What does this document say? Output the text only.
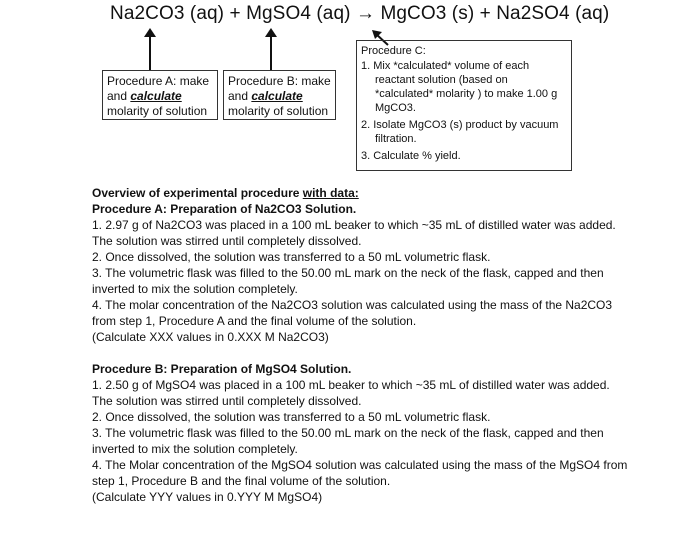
Na2CO3 (aq) + MgSO4 (aq) → MgCO3 (s) + Na2SO4 (aq)
Procedure A: make
and calculate
molarity of solution
Procedure B: make
and calculate
molarity of solution
Procedure C:
1. Mix *calculated* volume of each reactant solution (based on *calculated* molarity ) to make 1.00 g MgCO3.
2. Isolate MgCO3 (s) product by vacuum filtration.
3. Calculate % yield.

Overview of experimental procedure with data:

Procedure A: Preparation of Na2CO3 Solution.

1. 2.97 g of Na2CO3 was placed in a 100 mL beaker to which ~35 mL of distilled water was added. The solution was stirred until completely dissolved.

2. Once dissolved, the solution was transferred to a 50 mL volumetric flask.

3. The volumetric flask was filled to the 50.00 mL mark on the neck of the flask, capped and then inverted to mix the solution completely.

4. The molar concentration of the Na2CO3 solution was calculated using the mass of the Na2CO3 from step 1, Procedure A and the final volume of the solution.

(Calculate XXX values in 0.XXX M Na2CO3)

Procedure B: Preparation of MgSO4 Solution.

1. 2.50 g of MgSO4 was placed in a 100 mL beaker to which ~35 mL of distilled water was added. The solution was stirred until completely dissolved.

2. Once dissolved, the solution was transferred to a 50 mL volumetric flask.

3. The volumetric flask was filled to the 50.00 mL mark on the neck of the flask, capped and then inverted to mix the solution completely.

4. The Molar concentration of the MgSO4 solution was calculated using the mass of the MgSO4 from step 1, Procedure B and the final volume of the solution.

(Calculate YYY values in 0.YYY M MgSO4)
